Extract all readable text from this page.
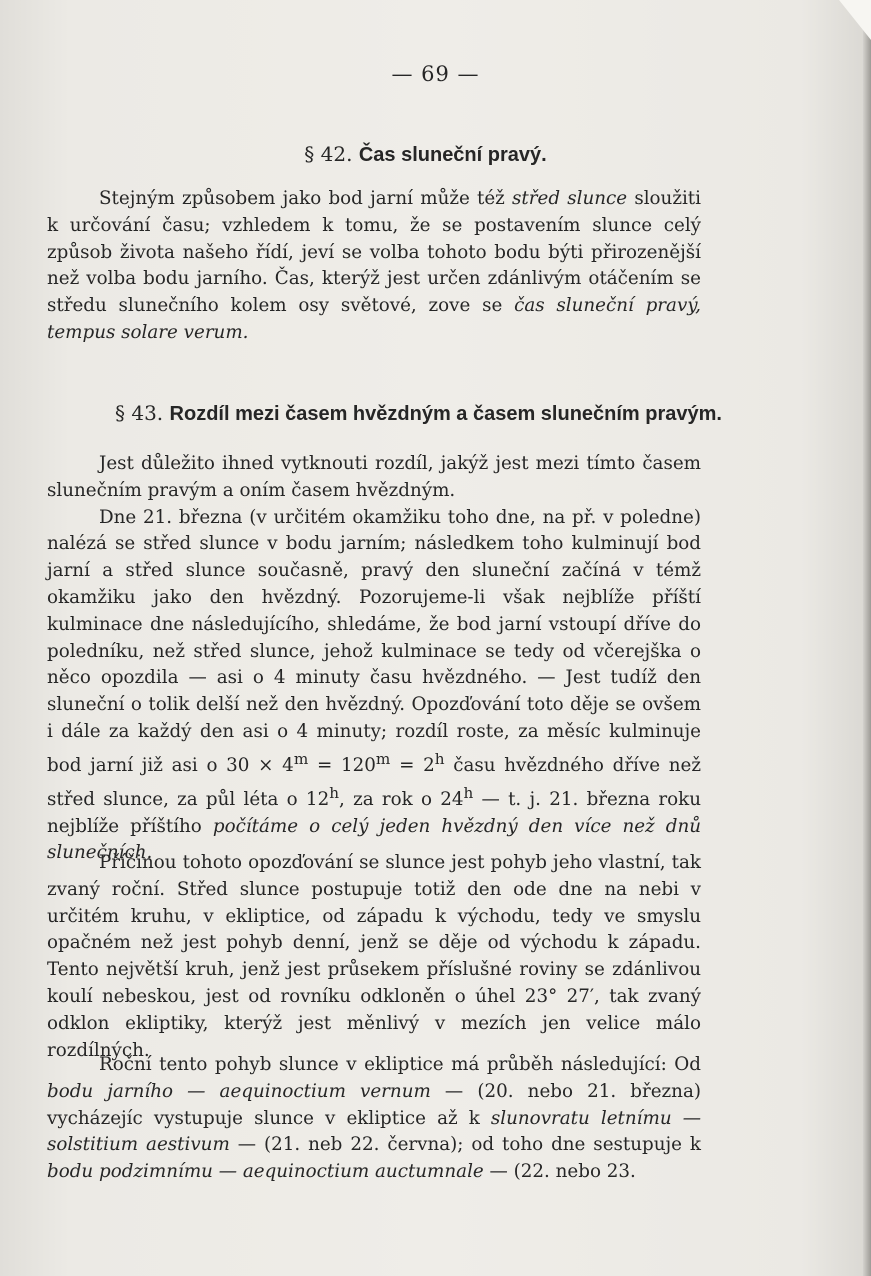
— 69 —
§ 42. Čas sluneční pravý.

Stejným způsobem jako bod jarní může též střed slunce sloužiti k určování času; vzhledem k tomu, že se postavením slunce celý způsob života našeho řídí, jeví se volba tohoto bodu býti přirozenější než volba bodu jarního. Čas, kterýž jest určen zdánlivým otáčením se středu slunečního kolem osy světové, zove se čas sluneční pravý, tempus solare verum.

§ 43. Rozdíl mezi časem hvězdným a časem slunečním pravým.

Jest důležito ihned vytknouti rozdíl, jakýž jest mezi tímto časem slunečním pravým a oním časem hvězdným.

Dne 21. března (v určitém okamžiku toho dne, na př. v poledne) nalézá se střed slunce v bodu jarním; následkem toho kulminují bod jarní a střed slunce současně, pravý den sluneční začíná v témž okamžiku jako den hvězdný. Pozorujeme-li však nejblíže příští kulminace dne následujícího, shledáme, že bod jarní vstoupí dříve do poledníku, než střed slunce, jehož kulminace se tedy od včerejška o něco opozdila — asi o 4 minuty času hvězdného. — Jest tudíž den sluneční o tolik delší než den hvězdný. Opozďování toto děje se ovšem i dále za každý den asi o 4 minuty; rozdíl roste, za měsíc kulminuje bod jarní již asi o $30 \times 4^m = 120^m = 2^h$ času hvězdného dříve než střed slunce, za půl léta o 12$^h$, za rok o 24$^h$ — t. j. 21. března roku nejblíže příštího počítáme o celý jeden hvězdný den více než dnů slunečních.

Příčinou tohoto opozďování se slunce jest pohyb jeho vlastní, tak zvaný roční. Střed slunce postupuje totiž den ode dne na nebi v určitém kruhu, v ekliptice, od západu k východu, tedy ve smyslu opačném než jest pohyb denní, jenž se děje od východu k západu. Tento největší kruh, jenž jest průsekem příslušné roviny se zdánlivou koulí nebeskou, jest od rovníku odkloněn o úhel 23° 27′, tak zvaný odklon ekliptiky, kterýž jest měnlivý v mezích jen velice málo rozdílných.

Roční tento pohyb slunce v ekliptice má průběh následující: Od bodu jarního — aequinoctium vernum — (20. nebo 21. března) vycházejíc vystupuje slunce v ekliptice až k slunovratu letnímu — solstitium aestivum — (21. neb 22. června); od toho dne sestupuje k bodu podzimnímu — aequinoctium auctumnale — (22. nebo 23.
